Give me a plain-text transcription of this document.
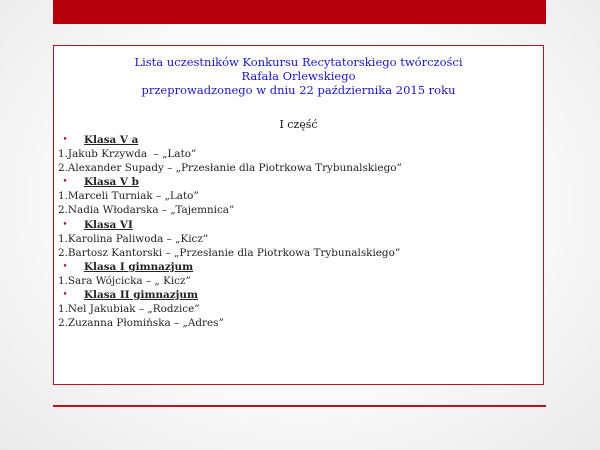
Lista uczestników Konkursu Recytatorskiego twórczości
Rafała Orlewskiego
przeprowadzonego w dniu 22 października 2015 roku
I część
•	Klasa V a
1.Jakub Krzywda  – „Lato”
2.Alexander Supady – „Przesłanie dla Piotrkowa Trybunalskiego”
•	Klasa V b
1.Marceli Turniak – „Lato”
2.Nadia Włodarska – „Tajemnica”
•	Klasa VI
1.Karolina Paliwoda – „Kicz”
2.Bartosz Kantorski – „Przesłanie dla Piotrkowa Trybunalskiego”
•	Klasa I gimnazjum
1.Sara Wójcicka – „ Kicz”
•	Klasa II gimnazjum
1.Nel Jakubiak – „Rodzice”
2.Zuzanna Płomińska – „Adres”
